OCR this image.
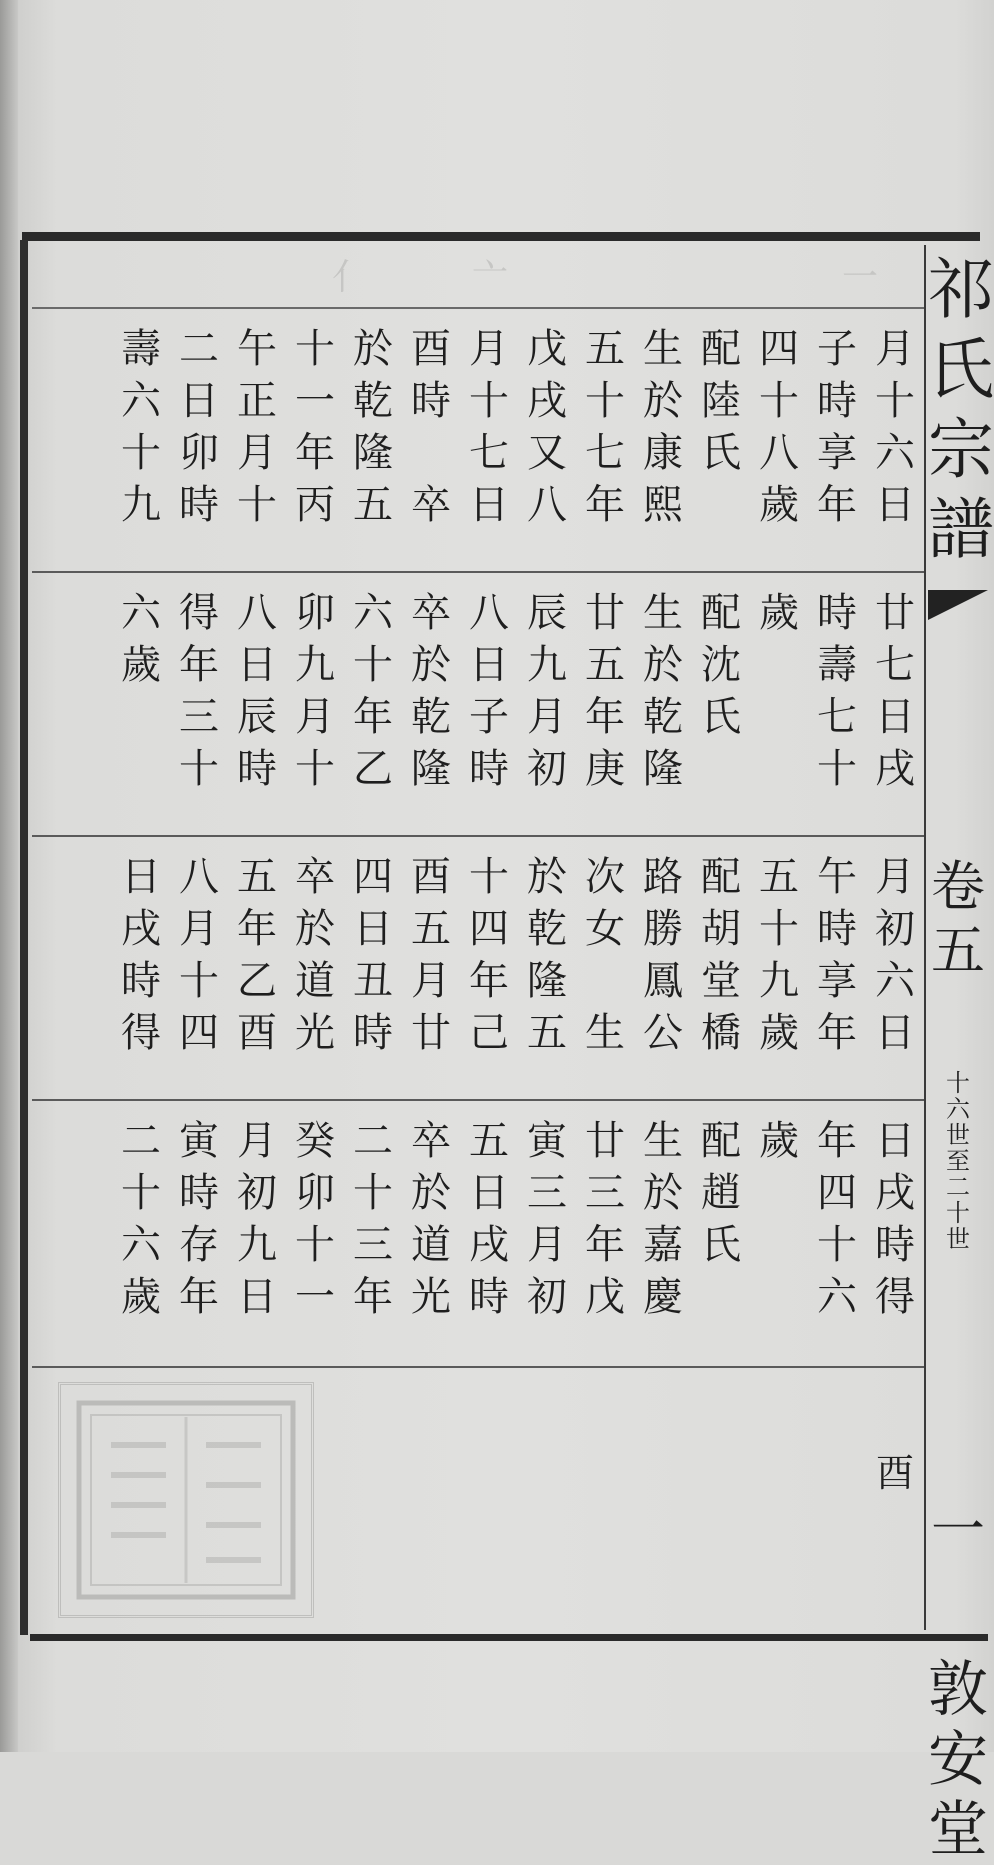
亻	亠	一
月
十
六
日
子
時
享
年
四
十
八
歲
配
陸
氏
生
於
康
熙
五
十
七
年
戊
戌
又
八
月
十
七
日
酉
時

卒
於
乾
隆
五
十
一
年
丙
午
正
月
十
二
日
卯
時
壽
六
十
九
廿
七
日
戌
時
壽
七
十
歲
配
沈
氏
生
於
乾
隆
廿
五
年
庚
辰
九
月
初
八
日
子
時
卒
於
乾
隆
六
十
年
乙
卯
九
月
十
八
日
辰
時
得
年
三
十
六
歲
月
初
六
日
午
時
享
年
五
十
九
歲
配
胡
堂
橋
路
勝
鳳
公
次
女

生
於
乾
隆
五
十
四
年
己
酉
五
月
廿
四
日
丑
時
卒
於
道
光
五
年
乙
酉
八
月
十
四
日
戌
時
得
日
戌
時
得
年
四
十
六
歲
配
趙
氏
生
於
嘉
慶
廿
三
年
戊
寅
三
月
初
五
日
戌
時
卒
於
道
光
二
十
三
年
癸
卯
十
一
月
初
九
日
寅
時
存
年
二
十
六
歲
酉
祁
氏
宗
譜
卷
五
十
六
世
至
二
十
世
一
敦
安
堂
